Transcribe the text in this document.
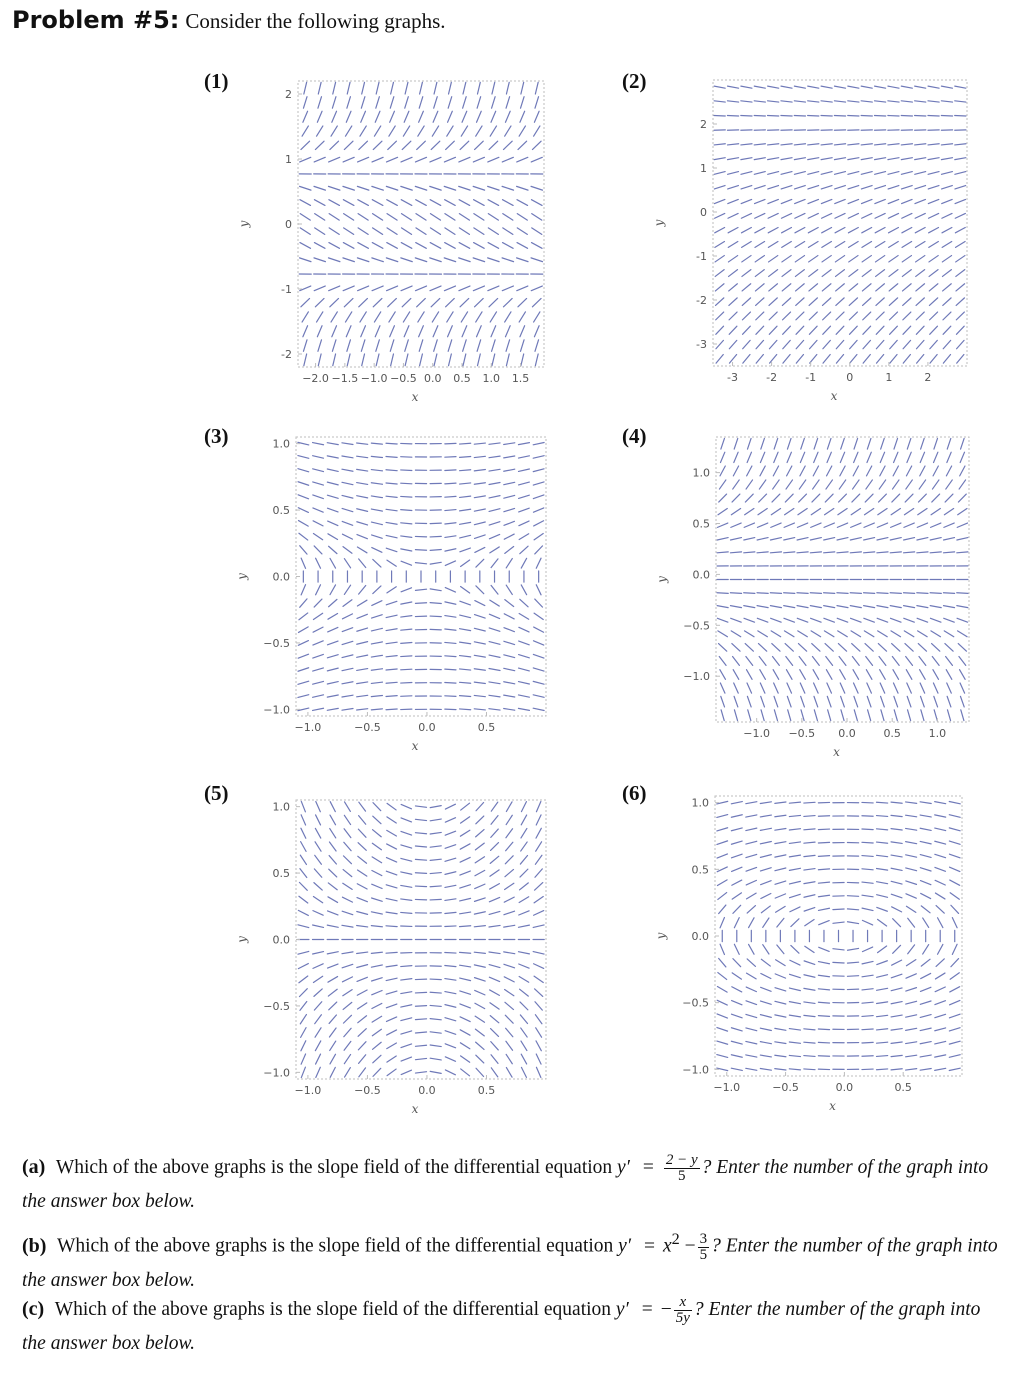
Problem #5: Consider the following graphs.
(1)	(2)
(3)	(4)
(5)	(6)
−2.0 −1.5 −1.0 −0.5 0.0 0.5 1.0 1.5
2
1
0
-1
-2
x
y
-3	-2	-1	0	1	2
2
1
0
-1
-2
-3
x
y
−1.0	−0.5	0.0	0.5
1.0
0.5
0.0
−0.5
−1.0
x
y
−1.0 −0.5 0.0	0.5	1.0
1.0
0.5
0.0
−0.5
−1.0
x
y
−1.0	−0.5	0.0	0.5
1.0
0.5
0.0
−0.5
−1.0
x
y
−1.0	−0.5	0.0	0.5
1.0
0.5
0.0
−0.5
−1.0
x
y
(a) Which of the above graphs is the slope field of the differential equation $y' = \frac{2 - y}{5}$ ? Enter the number of the graph into the answer box below.
(b) Which of the above graphs is the slope field of the differential equation $y' = x^2 - \frac{3}{5}$ ? Enter the number of the graph into the answer box below.
(c) Which of the above graphs is the slope field of the differential equation y′ = − $\frac{x}{5y}$ ? Enter the number of the graph into the answer box below.
